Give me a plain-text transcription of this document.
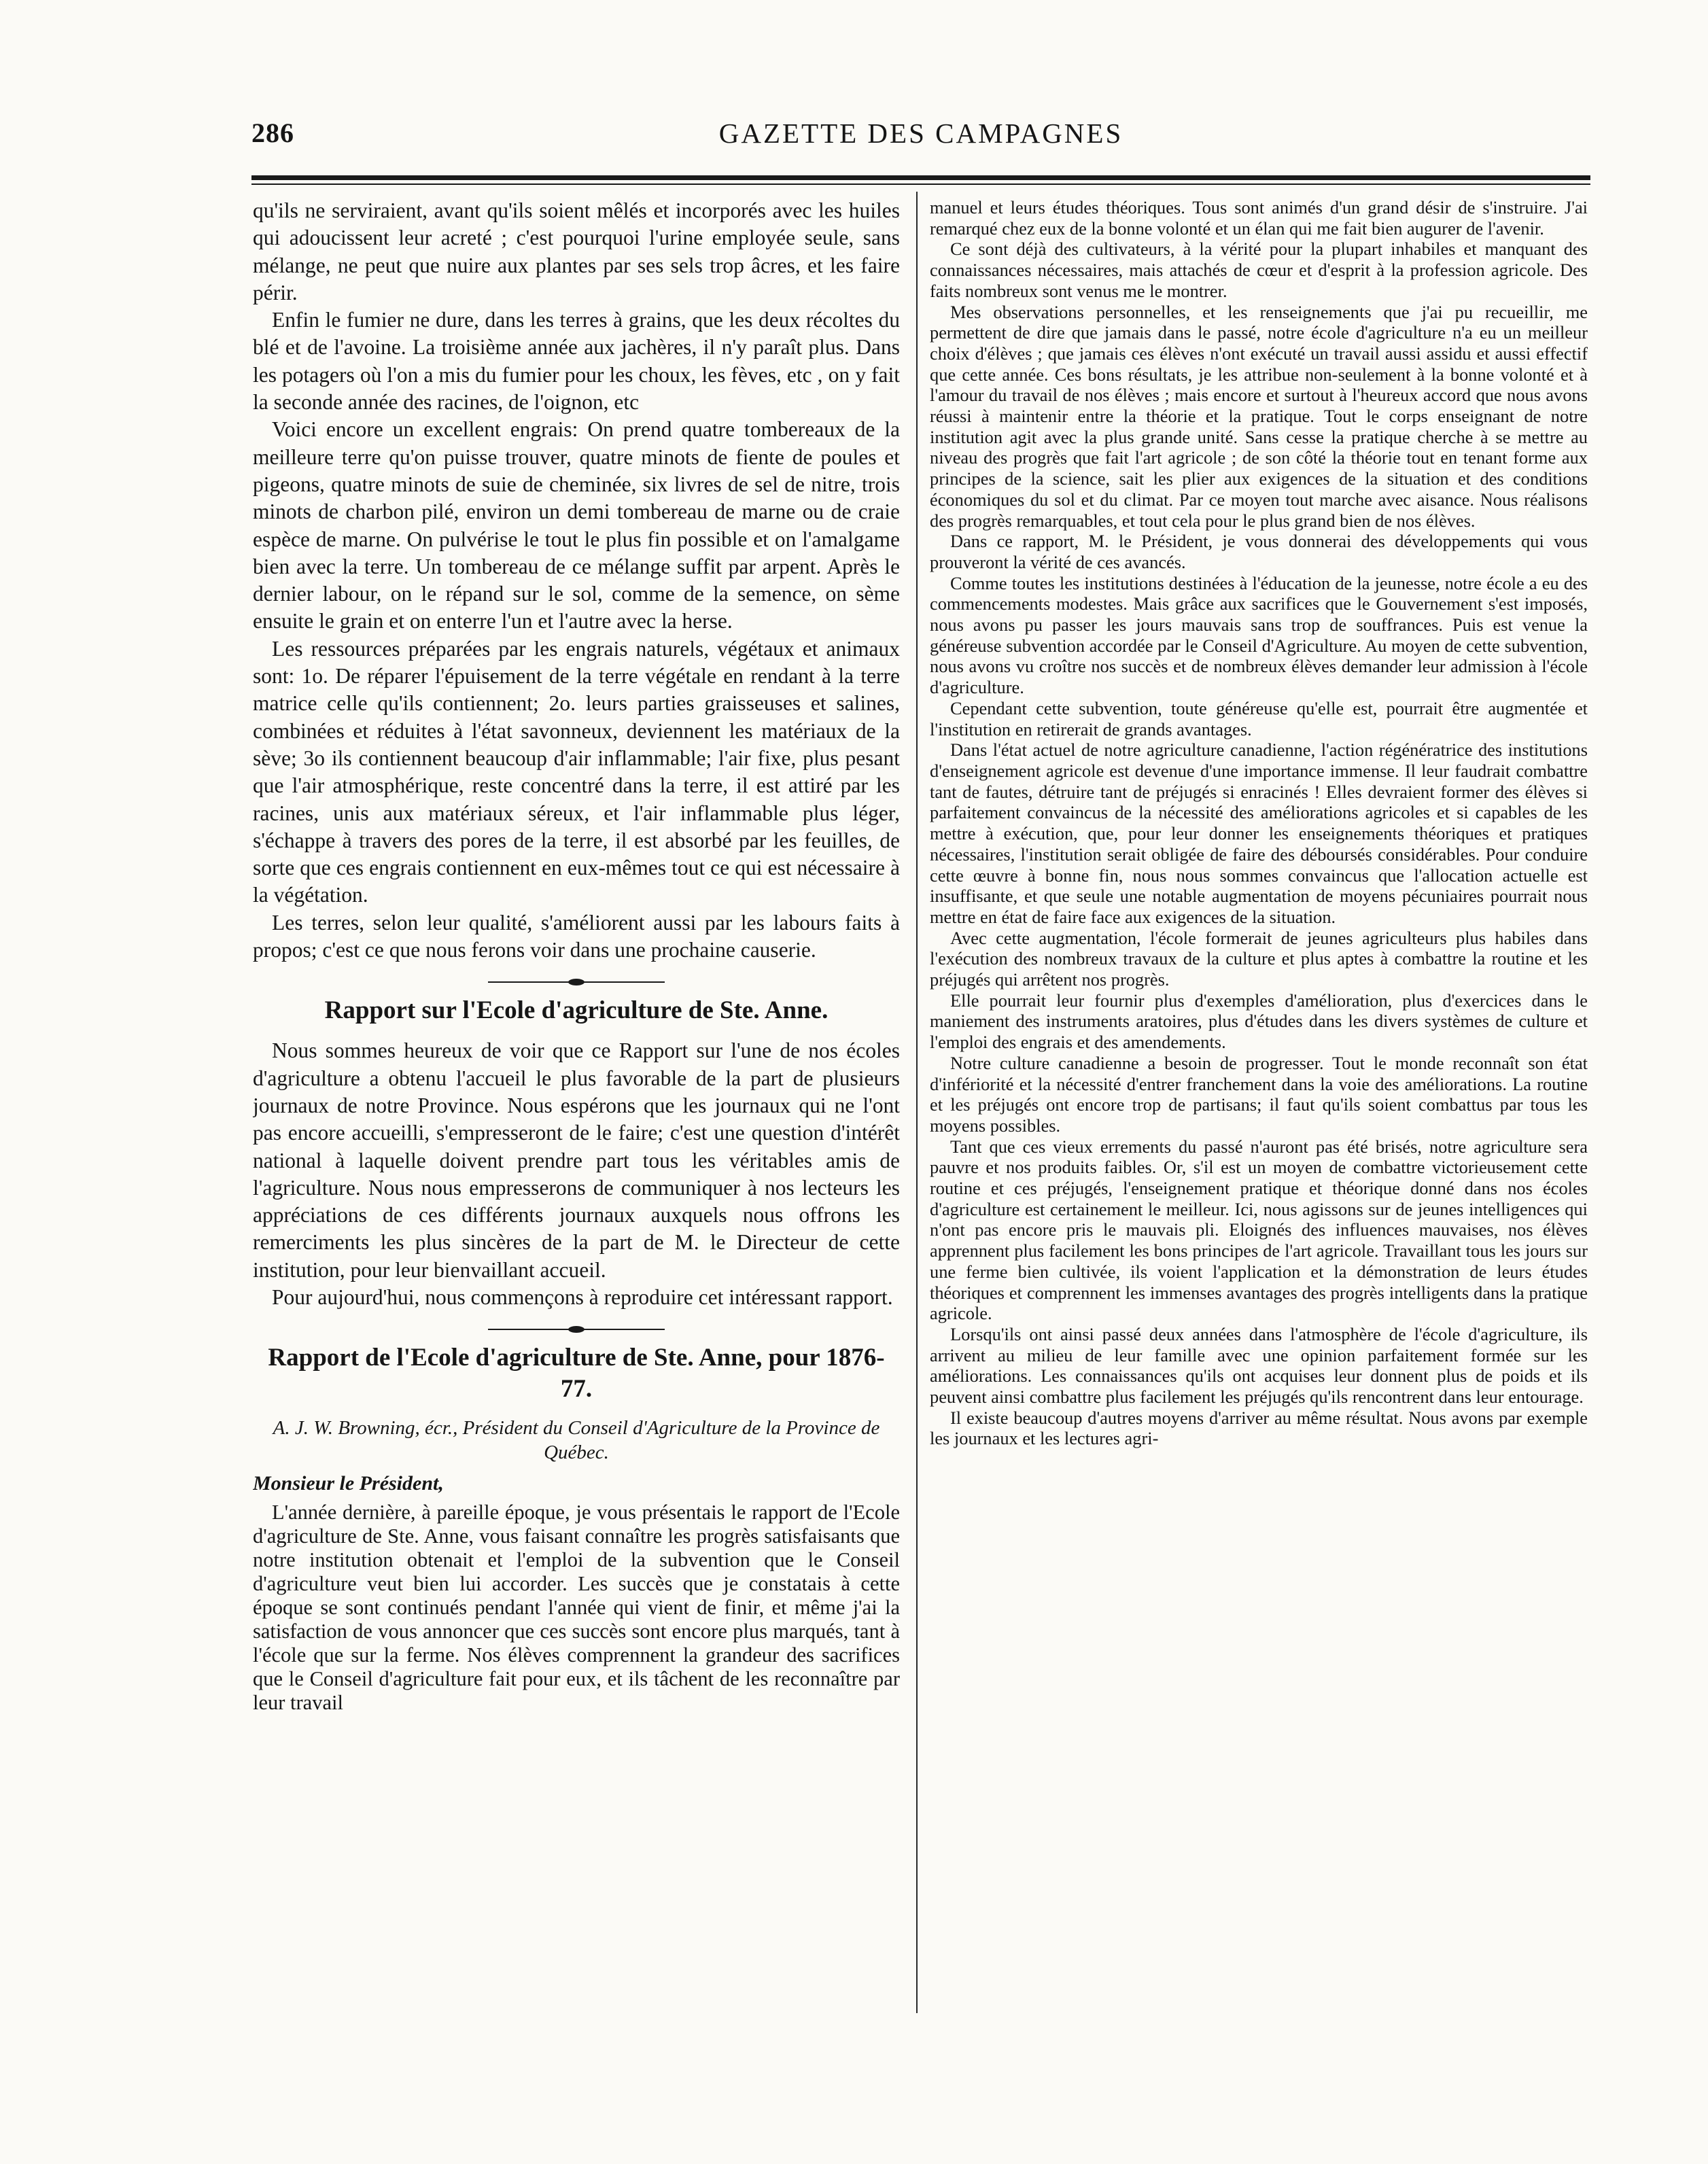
286	GAZETTE DES CAMPAGNES

qu'ils ne serviraient, avant qu'ils soient mêlés et incorporés avec les huiles qui adoucissent leur acreté ; c'est pourquoi l'urine employée seule, sans mélange, ne peut que nuire aux plantes par ses sels trop âcres, et les faire périr.

Enfin le fumier ne dure, dans les terres à grains, que les deux récoltes du blé et de l'avoine. La troisième année aux jachères, il n'y paraît plus. Dans les potagers où l'on a mis du fumier pour les choux, les fèves, etc , on y fait la seconde année des racines, de l'oignon, etc

Voici encore un excellent engrais: On prend quatre tombereaux de la meilleure terre qu'on puisse trouver, quatre minots de fiente de poules et pigeons, quatre minots de suie de cheminée, six livres de sel de nitre, trois minots de charbon pilé, environ un demi tombereau de marne ou de craie espèce de marne. On pulvérise le tout le plus fin possible et on l'amalgame bien avec la terre. Un tombereau de ce mélange suffit par arpent. Après le dernier labour, on le répand sur le sol, comme de la semence, on sème ensuite le grain et on enterre l'un et l'autre avec la herse.

Les ressources préparées par les engrais naturels, végétaux et animaux sont: 1o. De réparer l'épuisement de la terre végétale en rendant à la terre matrice celle qu'ils contiennent; 2o. leurs parties graisseuses et salines, combinées et réduites à l'état savonneux, deviennent les matériaux de la sève; 3o ils contiennent beaucoup d'air inflammable; l'air fixe, plus pesant que l'air atmosphérique, reste concentré dans la terre, il est attiré par les racines, unis aux matériaux séreux, et l'air inflammable plus léger, s'échappe à travers des pores de la terre, il est absorbé par les feuilles, de sorte que ces engrais contiennent en eux-mêmes tout ce qui est nécessaire à la végétation.

Les terres, selon leur qualité, s'améliorent aussi par les labours faits à propos; c'est ce que nous ferons voir dans une prochaine causerie.

Rapport sur l'Ecole d'agriculture de Ste. Anne.

Nous sommes heureux de voir que ce Rapport sur l'une de nos écoles d'agriculture a obtenu l'accueil le plus favorable de la part de plusieurs journaux de notre Province. Nous espérons que les journaux qui ne l'ont pas encore accueilli, s'empresseront de le faire; c'est une question d'intérêt national à laquelle doivent prendre part tous les véritables amis de l'agriculture. Nous nous empresserons de communiquer à nos lecteurs les appréciations de ces différents journaux auxquels nous offrons les remerciments les plus sincères de la part de M. le Directeur de cette institution, pour leur bienvaillant accueil.

Pour aujourd'hui, nous commençons à reproduire cet intéressant rapport.

Rapport de l'Ecole d'agriculture de Ste. Anne, pour 1876-77.
A. J. W. Browning, écr., Président du Conseil d'Agriculture de la Province de Québec.
Monsieur le Président,

L'année dernière, à pareille époque, je vous présentais le rapport de l'Ecole d'agriculture de Ste. Anne, vous faisant connaître les progrès satisfaisants que notre institution obtenait et l'emploi de la subvention que le Conseil d'agriculture veut bien lui accorder. Les succès que je constatais à cette époque se sont continués pendant l'année qui vient de finir, et même j'ai la satisfaction de vous annoncer que ces succès sont encore plus marqués, tant à l'école que sur la ferme. Nos élèves comprennent la grandeur des sacrifices que le Conseil d'agriculture fait pour eux, et ils tâchent de les reconnaître par leur travail

manuel et leurs études théoriques. Tous sont animés d'un grand désir de s'instruire. J'ai remarqué chez eux de la bonne volonté et un élan qui me fait bien augurer de l'avenir.

Ce sont déjà des cultivateurs, à la vérité pour la plupart inhabiles et manquant des connaissances nécessaires, mais attachés de cœur et d'esprit à la profession agricole. Des faits nombreux sont venus me le montrer.

Mes observations personnelles, et les renseignements que j'ai pu recueillir, me permettent de dire que jamais dans le passé, notre école d'agriculture n'a eu un meilleur choix d'élèves ; que jamais ces élèves n'ont exécuté un travail aussi assidu et aussi effectif que cette année. Ces bons résultats, je les attribue non-seulement à la bonne volonté et à l'amour du travail de nos élèves ; mais encore et surtout à l'heureux accord que nous avons réussi à maintenir entre la théorie et la pratique. Tout le corps enseignant de notre institution agit avec la plus grande unité. Sans cesse la pratique cherche à se mettre au niveau des progrès que fait l'art agricole ; de son côté la théorie tout en tenant forme aux principes de la science, sait les plier aux exigences de la situation et des conditions économiques du sol et du climat. Par ce moyen tout marche avec aisance. Nous réalisons des progrès remarquables, et tout cela pour le plus grand bien de nos élèves.

Dans ce rapport, M. le Président, je vous donnerai des développements qui vous prouveront la vérité de ces avancés.

Comme toutes les institutions destinées à l'éducation de la jeunesse, notre école a eu des commencements modestes. Mais grâce aux sacrifices que le Gouvernement s'est imposés, nous avons pu passer les jours mauvais sans trop de souffrances. Puis est venue la généreuse subvention accordée par le Conseil d'Agriculture. Au moyen de cette subvention, nous avons vu croître nos succès et de nombreux élèves demander leur admission à l'école d'agriculture.

Cependant cette subvention, toute généreuse qu'elle est, pourrait être augmentée et l'institution en retirerait de grands avantages.

Dans l'état actuel de notre agriculture canadienne, l'action régénératrice des institutions d'enseignement agricole est devenue d'une importance immense. Il leur faudrait combattre tant de fautes, détruire tant de préjugés si enracinés ! Elles devraient former des élèves si parfaitement convaincus de la nécessité des améliorations agricoles et si capables de les mettre à exécution, que, pour leur donner les enseignements théoriques et pratiques nécessaires, l'institution serait obligée de faire des déboursés considérables. Pour conduire cette œuvre à bonne fin, nous nous sommes convaincus que l'allocation actuelle est insuffisante, et que seule une notable augmentation de moyens pécuniaires pourrait nous mettre en état de faire face aux exigences de la situation.

Avec cette augmentation, l'école formerait de jeunes agriculteurs plus habiles dans l'exécution des nombreux travaux de la culture et plus aptes à combattre la routine et les préjugés qui arrêtent nos progrès.

Elle pourrait leur fournir plus d'exemples d'amélioration, plus d'exercices dans le maniement des instruments aratoires, plus d'études dans les divers systèmes de culture et l'emploi des engrais et des amendements.

Notre culture canadienne a besoin de progresser. Tout le monde reconnaît son état d'infériorité et la nécessité d'entrer franchement dans la voie des améliorations. La routine et les préjugés ont encore trop de partisans; il faut qu'ils soient combattus par tous les moyens possibles.

Tant que ces vieux errements du passé n'auront pas été brisés, notre agriculture sera pauvre et nos produits faibles. Or, s'il est un moyen de combattre victorieusement cette routine et ces préjugés, l'enseignement pratique et théorique donné dans nos écoles d'agriculture est certainement le meilleur. Ici, nous agissons sur de jeunes intelligences qui n'ont pas encore pris le mauvais pli. Eloignés des influences mauvaises, nos élèves apprennent plus facilement les bons principes de l'art agricole. Travaillant tous les jours sur une ferme bien cultivée, ils voient l'application et la démonstration de leurs études théoriques et comprennent les immenses avantages des progrès intelligents dans la pratique agricole.

Lorsqu'ils ont ainsi passé deux années dans l'atmosphère de l'école d'agriculture, ils arrivent au milieu de leur famille avec une opinion parfaitement formée sur les améliorations. Les connaissances qu'ils ont acquises leur donnent plus de poids et ils peuvent ainsi combattre plus facilement les préjugés qu'ils rencontrent dans leur entourage.

Il existe beaucoup d'autres moyens d'arriver au même résultat. Nous avons par exemple les journaux et les lectures agri-
